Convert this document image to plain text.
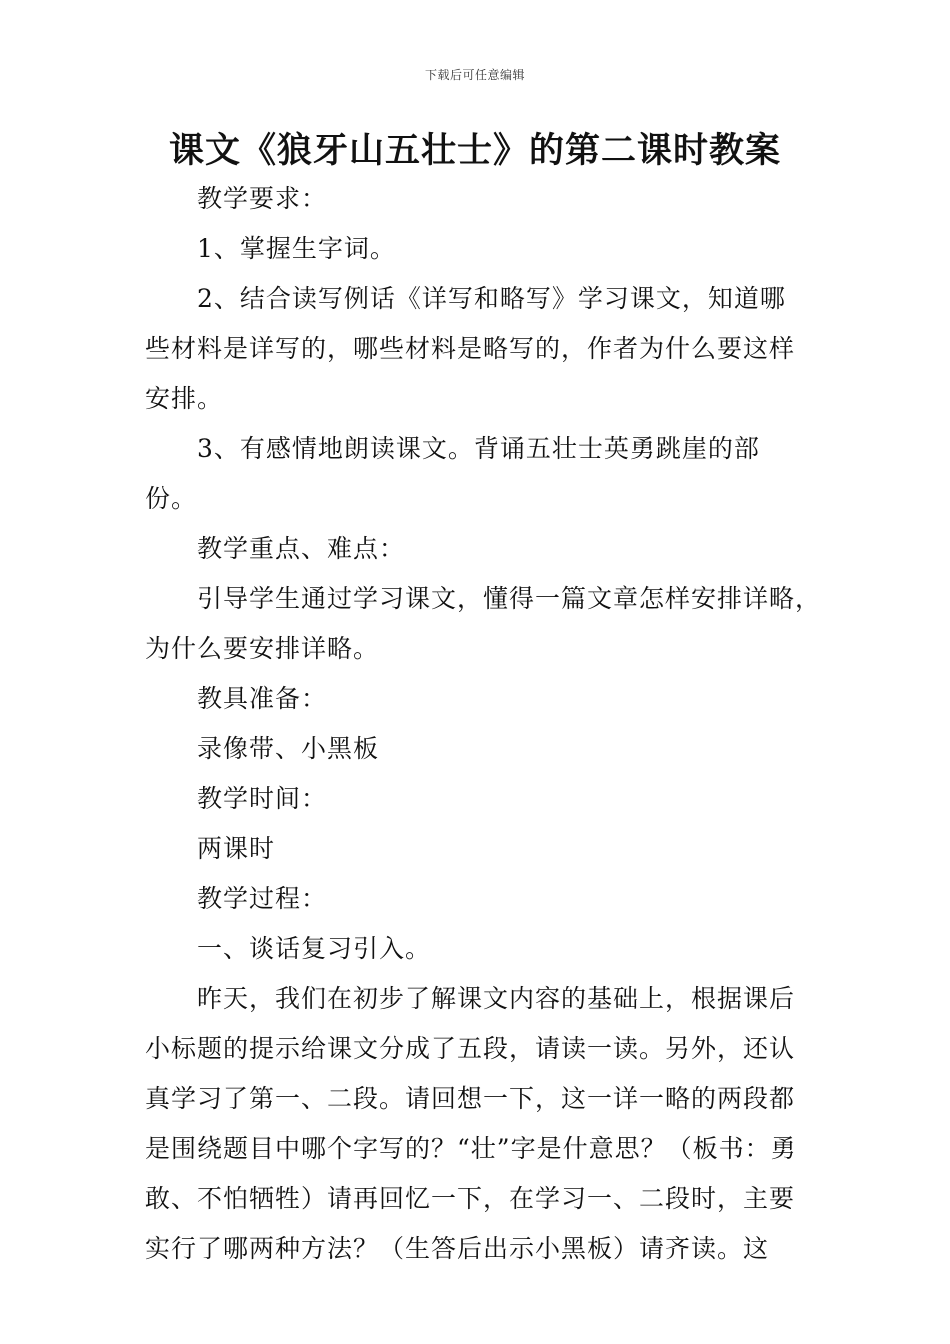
下载后可任意编辑
课文《狼牙山五壮士》的第二课时教案

教学要求：

1、掌握生字词。

2、结合读写例话《详写和略写》学习课文，知道哪些材料是详写的，哪些材料是略写的，作者为什么要这样安排。

3、有感情地朗读课文。背诵五壮士英勇跳崖的部份。

教学重点、难点：

引导学生通过学习课文，懂得一篇文章怎样安排详略，为什么要安排详略。

教具准备：

录像带、小黑板

教学时间：

两课时

教学过程：

一、谈话复习引入。

昨天，我们在初步了解课文内容的基础上，根据课后小标题的提示给课文分成了五段，请读一读。另外，还认真学习了第一、二段。请回想一下，这一详一略的两段都是围绕题目中哪个字写的？“壮”字是什意思？（板书：勇敢、不怕牺牲）请再回忆一下，在学习一、二段时，主要实行了哪两种方法？（生答后出示小黑板）请齐读。这
